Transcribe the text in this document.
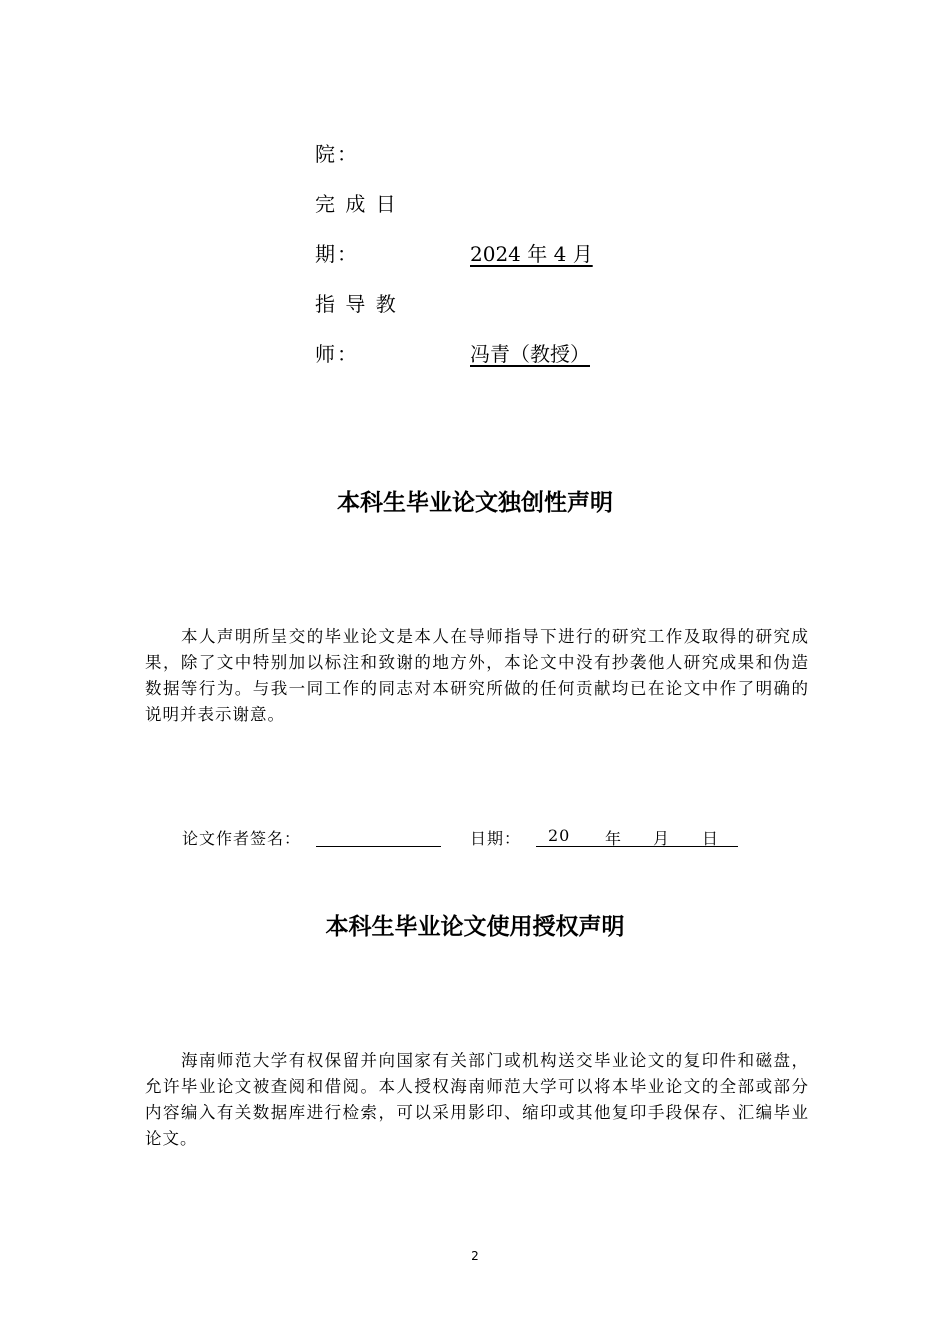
院：
完 成 日
期：	2024 年 4 月
指 导 教
师：	冯青（教授）
本科生毕业论文独创性声明
本人声明所呈交的毕业论文是本人在导师指导下进行的研究工作及取得的研究成果，除了文中特别加以标注和致谢的地方外，本论文中没有抄袭他人研究成果和伪造数据等行为。与我一同工作的同志对本研究所做的任何贡献均已在论文中作了明确的说明并表示谢意。
论文作者签名：	日期： 20 年 月 日
本科生毕业论文使用授权声明
海南师范大学有权保留并向国家有关部门或机构送交毕业论文的复印件和磁盘，允许毕业论文被查阅和借阅。本人授权海南师范大学可以将本毕业论文的全部或部分内容编入有关数据库进行检索，可以采用影印、缩印或其他复印手段保存、汇编毕业论文。
2
